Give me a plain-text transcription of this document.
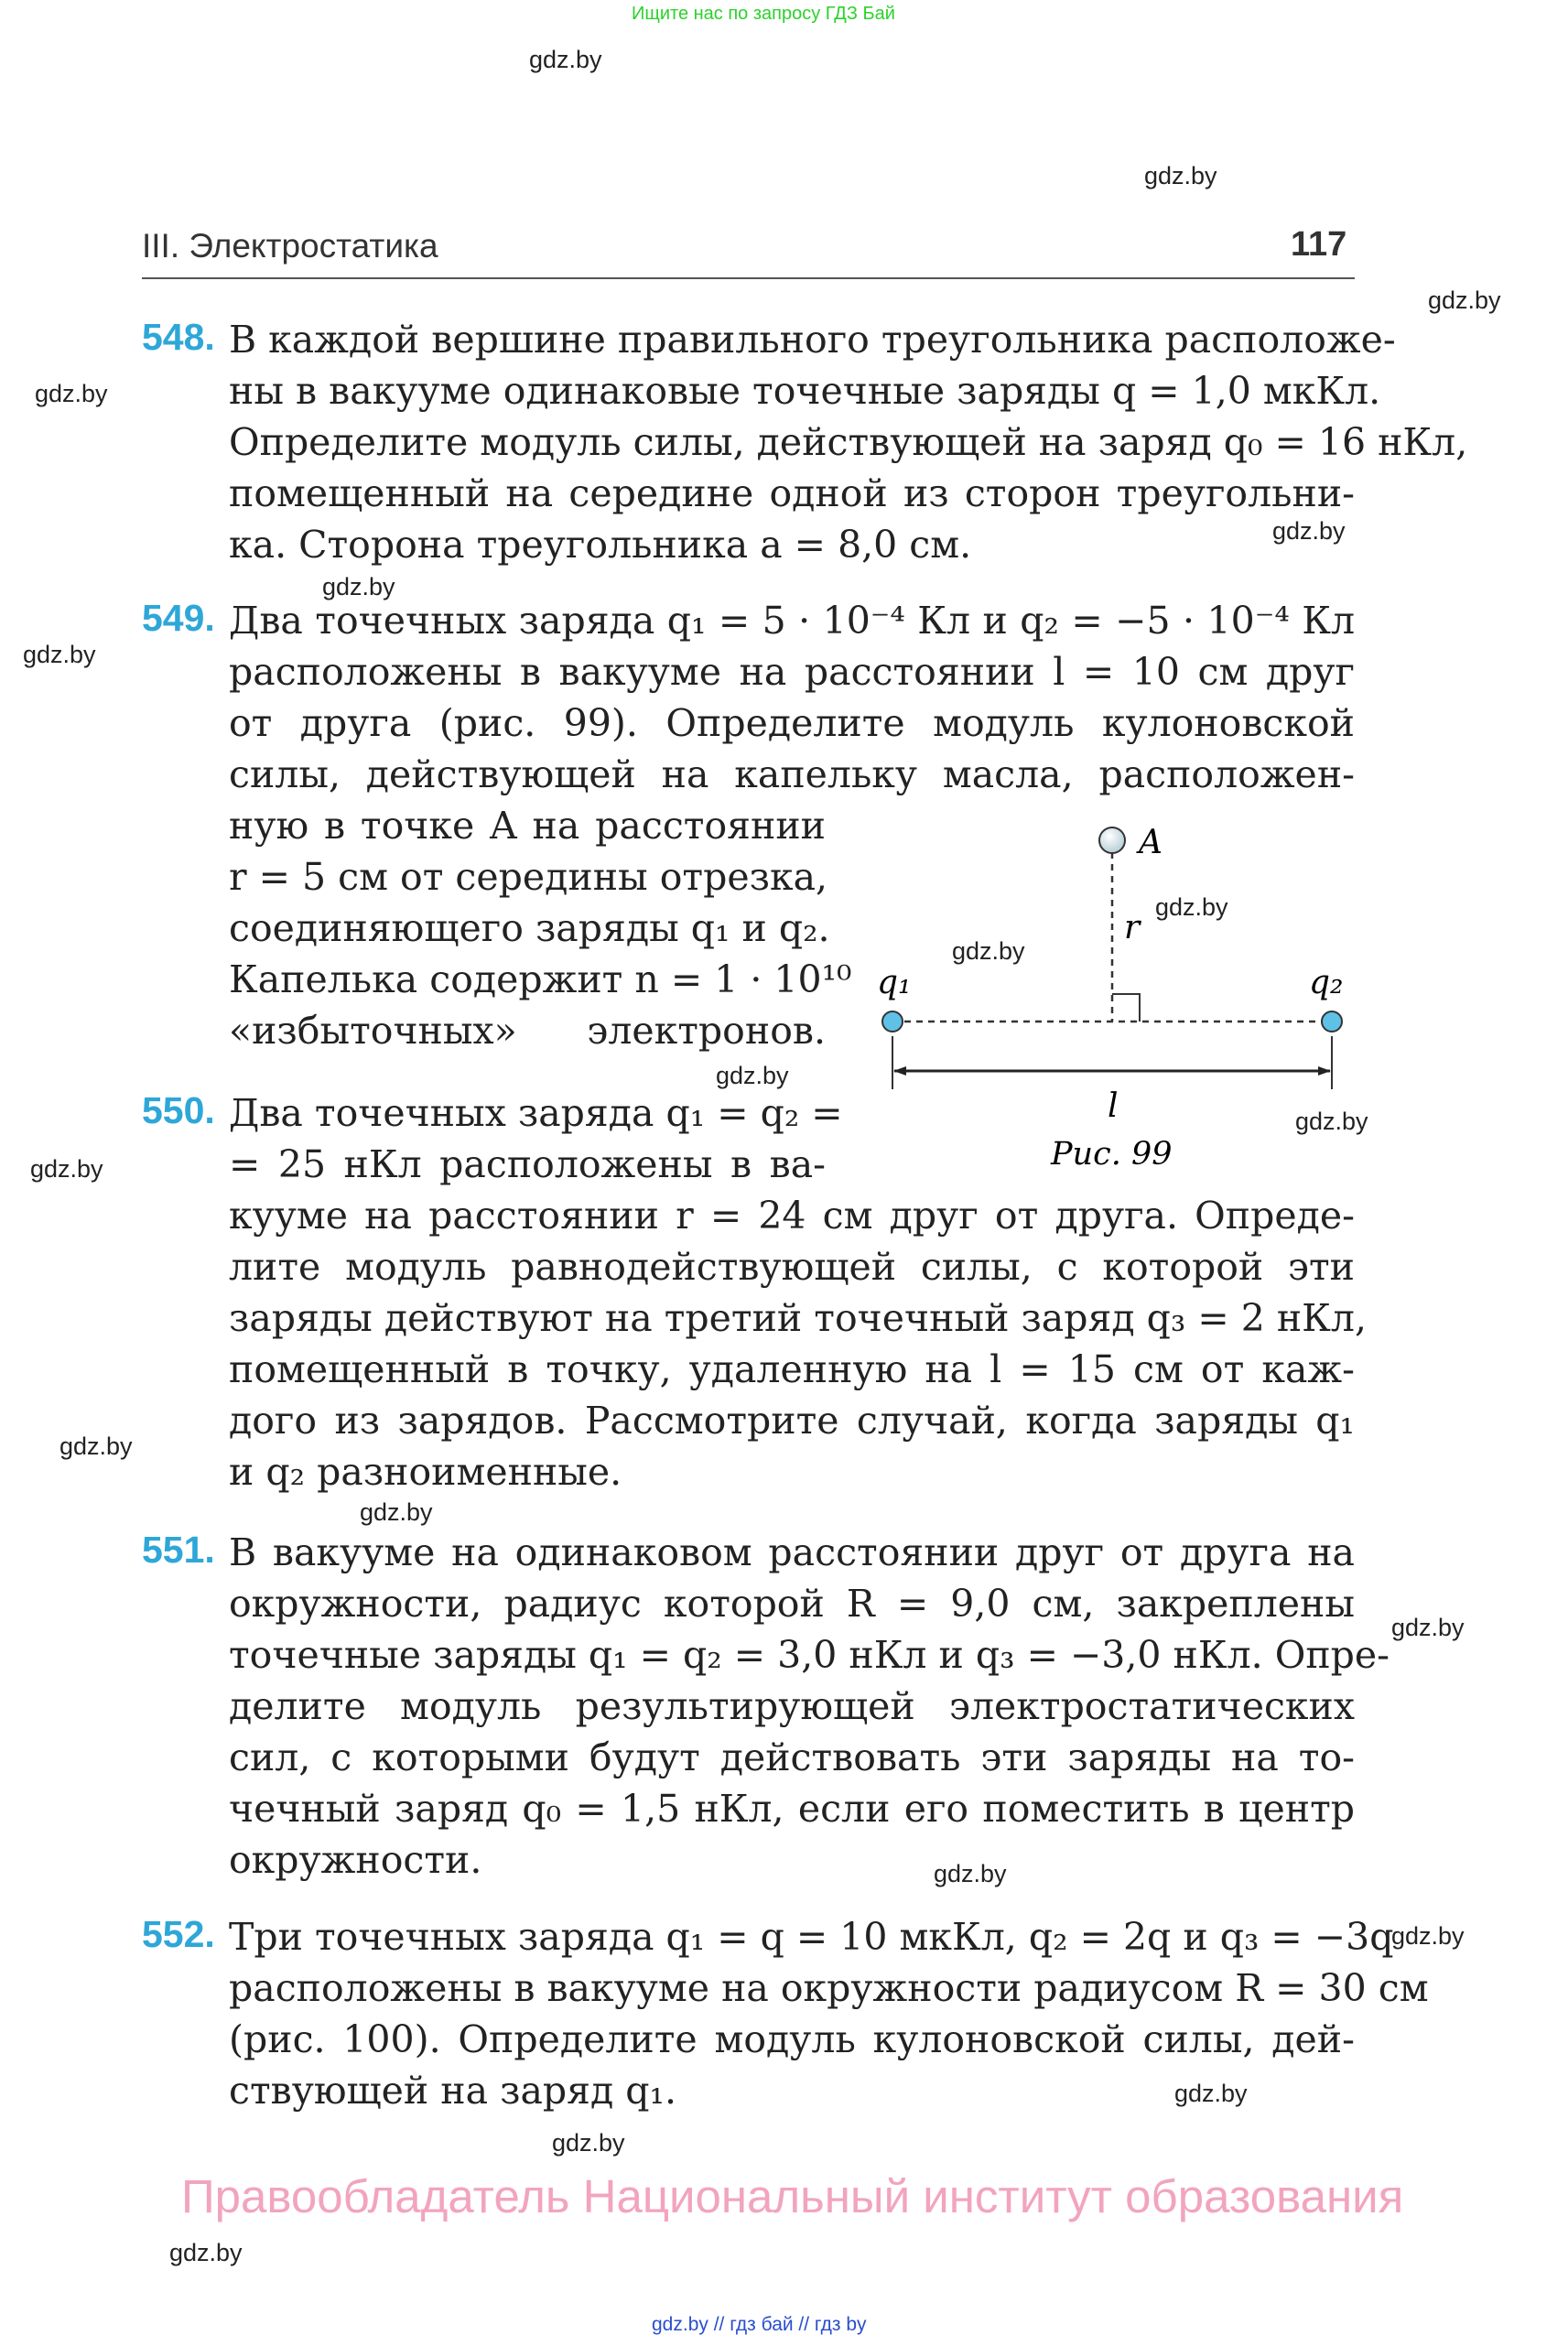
Ищите нас по запросу ГДЗ Бай
gdz.by
gdz.by
gdz.by
gdz.by
gdz.by
gdz.by
gdz.by
gdz.by
gdz.by
gdz.by
gdz.by
gdz.by
gdz.by
gdz.by
gdz.by
gdz.by
gdz.by
gdz.by
gdz.by
gdz.by
III. Электростатика	117
548. В каждой вершине правильного треугольника расположе-
ны в вакууме одинаковые точечные заряды q = 1,0 мкКл.
Определите модуль силы, действующей на заряд q₀ = 16 нКл,
помещенный на середине одной из сторон треугольни-
ка. Сторона треугольника a = 8,0 см.
549. Два точечных заряда q₁ = 5 · 10⁻⁴ Кл и q₂ = −5 · 10⁻⁴ Кл
расположены в вакууме на расстоянии l = 10 см друг
от друга (рис. 99). Определите модуль кулоновской
силы, действующей на капельку масла, расположен-
ную в точке A на расстоянии
r = 5 см от середины отрезка,
соединяющего заряды q₁ и q₂.
Капелька содержит n = 1 · 10¹⁰
«избыточных» электронов.
550. Два точечных заряда q₁ = q₂ =
= 25 нКл расположены в ва-
кууме на расстоянии r = 24 см друг от друга. Опреде-
лите модуль равнодействующей силы, с которой эти
заряды действуют на третий точечный заряд q₃ = 2 нКл,
помещенный в точку, удаленную на l = 15 см от каж-
дого из зарядов. Рассмотрите случай, когда заряды q₁
и q₂ разноименные.
551. В вакууме на одинаковом расстоянии друг от друга на
окружности, радиус которой R = 9,0 см, закреплены
точечные заряды q₁ = q₂ = 3,0 нКл и q₃ = −3,0 нКл. Опре-
делите модуль результирующей электростатических
сил, с которыми будут действовать эти заряды на то-
чечный заряд q₀ = 1,5 нКл, если его поместить в центр
окружности.
552. Три точечных заряда q₁ = q = 10 мкКл, q₂ = 2q и q₃ = −3q
расположены в вакууме на окружности радиусом R = 30 см
(рис. 100). Определите модуль кулоновской силы, дей-
ствующей на заряд q₁.
A
r
q₁	q₂
l
Рис. 99
Правообладатель Национальный институт образования
gdz.by // гдз бай // гдз by
